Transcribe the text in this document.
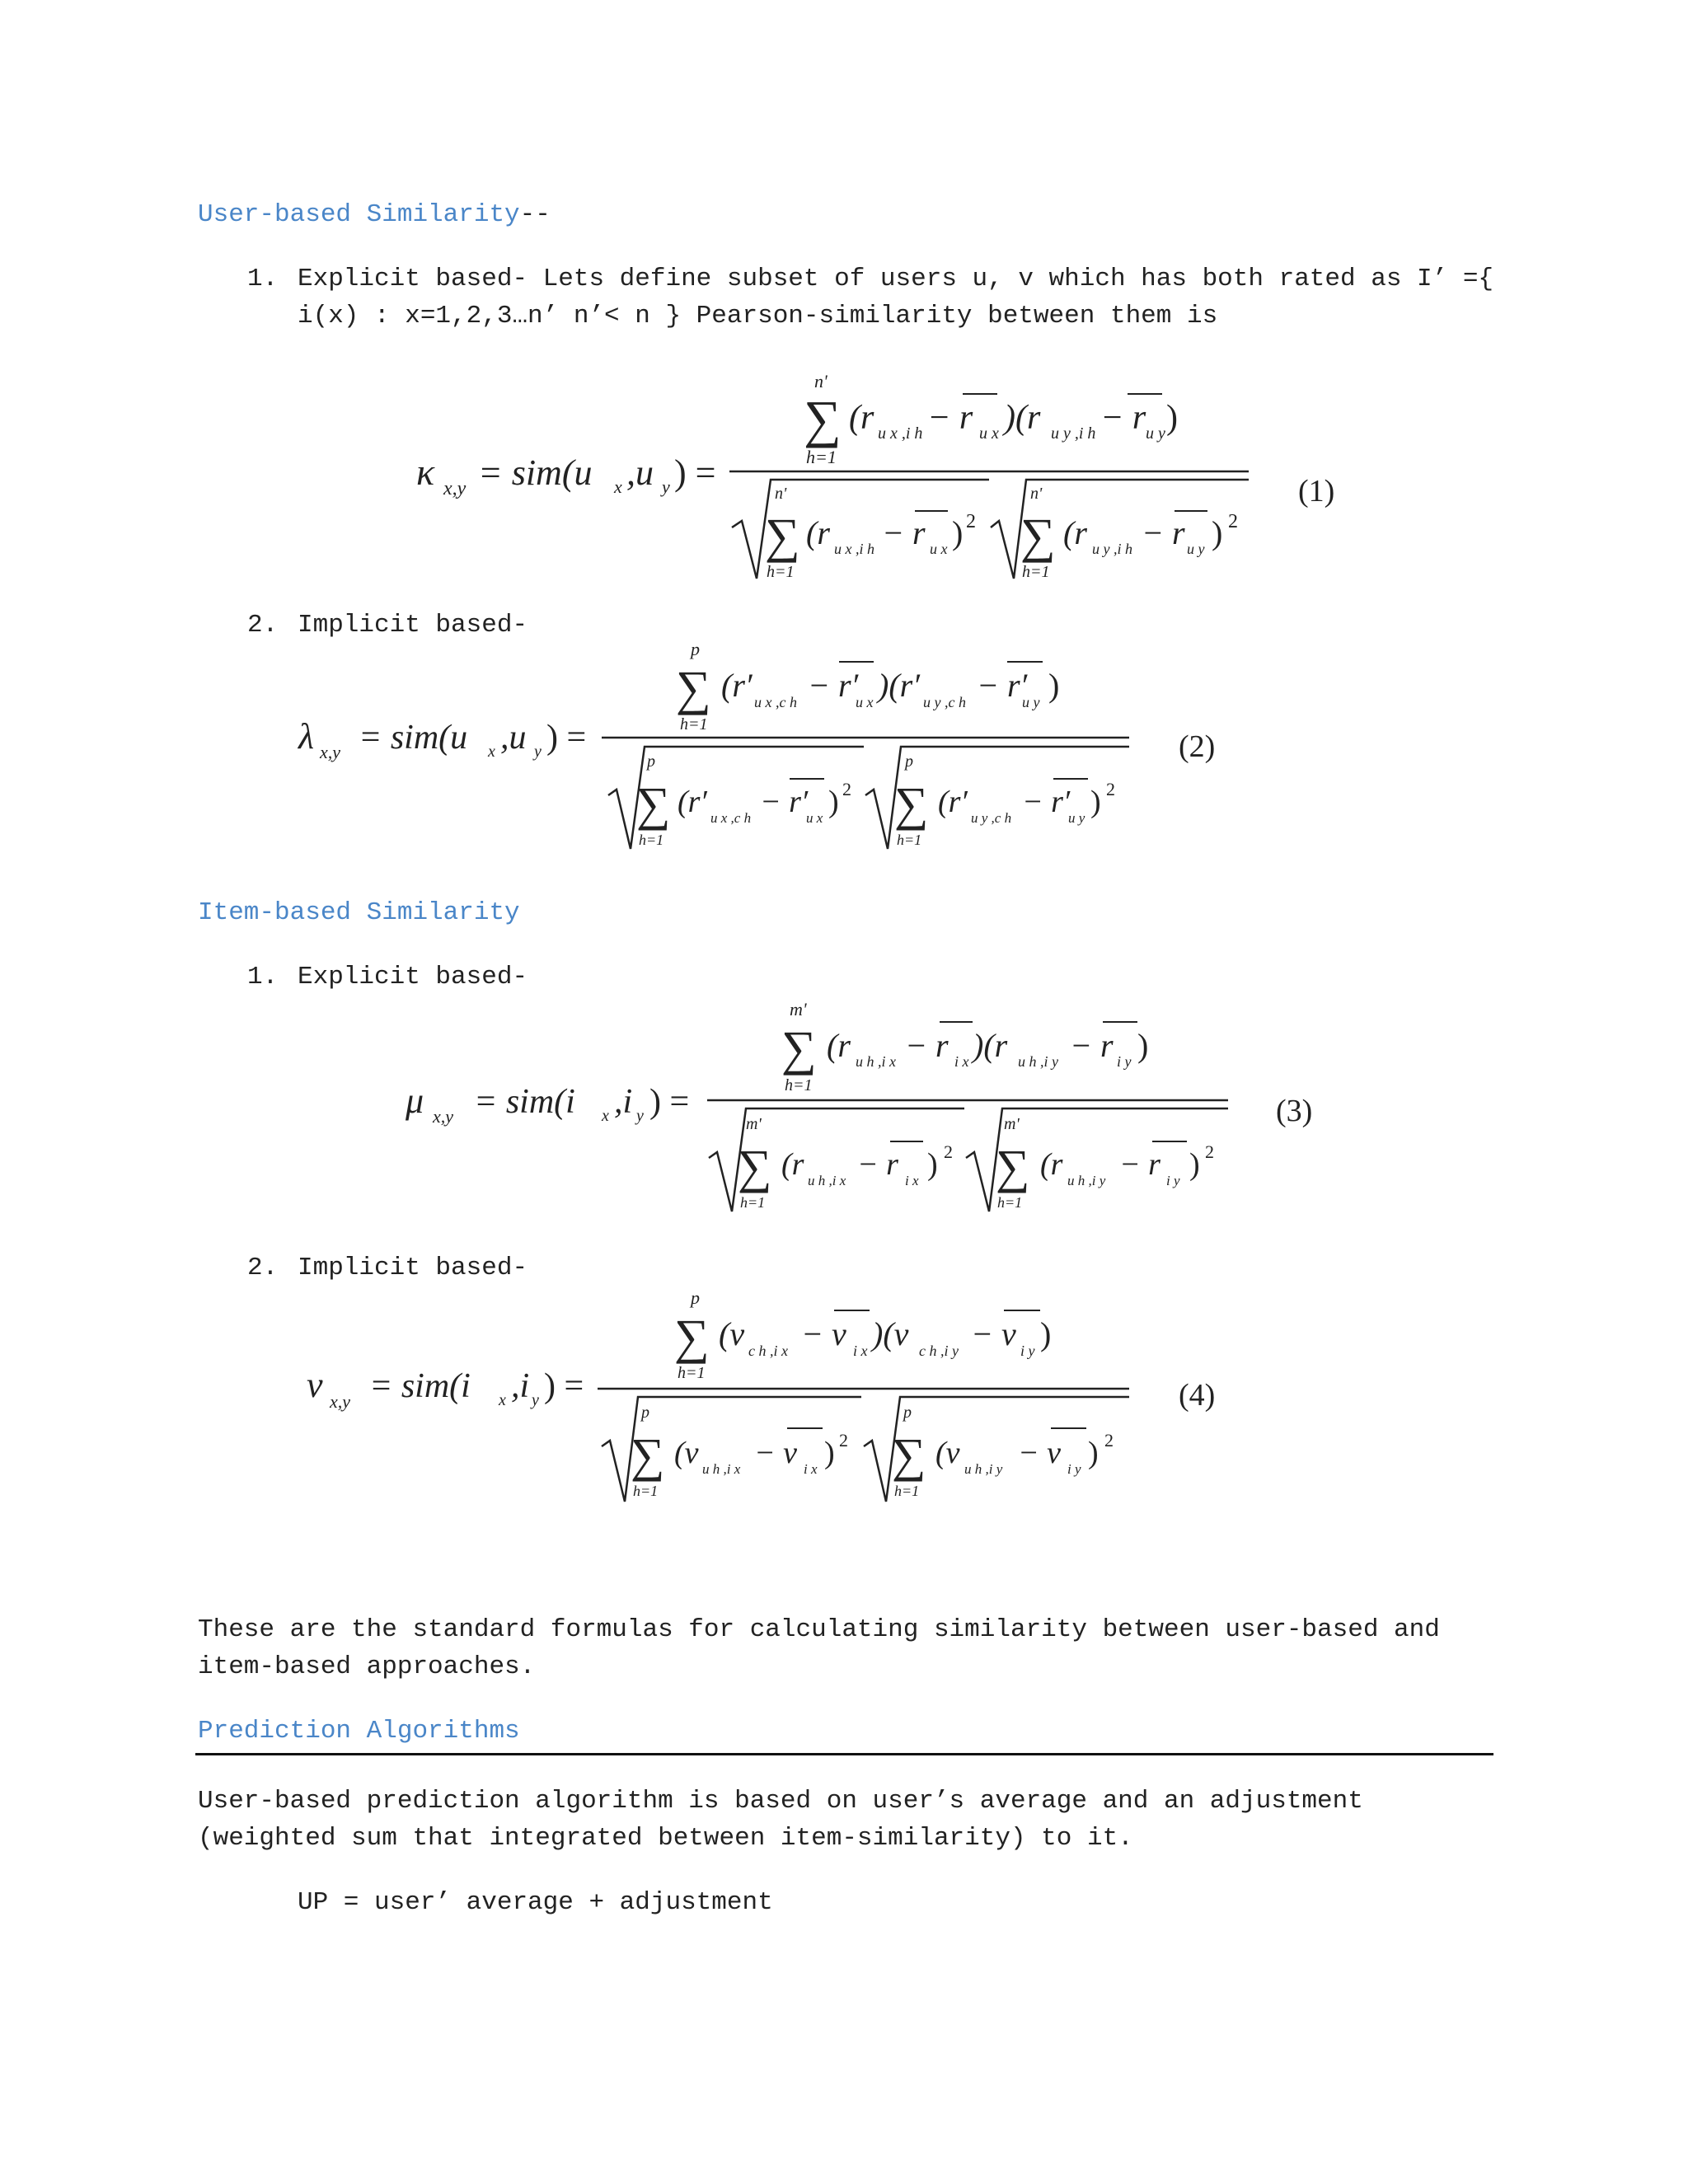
User-based Similarity--
1. Explicit based- Lets define subset of users u, v which has both rated as I’ ={
i(x) : x=1,2,3…n’ n’< n } Pearson-similarity between them is
κ x,y = sim(u x ,u y ) =
n'
∑
h=1
(r u x ,i h − r u x )(r u y ,i h − r u y )
n'
∑
h=1
(r u x ,i h − r u x ) 2
n'
∑
h=1
(r u y ,i h − r u y ) 2
(1)
2. Implicit based-
λ x,y = sim(u x ,u y ) =
p
∑
h=1
(r′ u x ,c h − r′
u x )(r′ u y ,c h − r′
u y )
p
∑
h=1
(r′ u x ,c h − r′
u x ) 2
p
∑
h=1
(r′ u y ,c h − r′
u y ) 2
(2)
Item-based Similarity
1. Explicit based-
μ x,y = sim(i x ,i y ) =
m'
∑
h=1
(r u h ,i x − r i x )(r u h ,i y − r i y )
m'
∑
h=1
(r u h ,i x − r i x ) 2
m'
∑
h=1
(r u h ,i y − r i y ) 2
(3)
2. Implicit based-
ν x,y = sim(i x ,i y ) =
p
∑
h=1
(v c h ,i x − v i x )(v c h ,i y − v i y )
p
∑
h=1
(v u h ,i x − v i x ) 2
p
∑
h=1
(v u h ,i y − v i y ) 2
(4)
These are the standard formulas for calculating similarity between user-based and
item-based approaches.
Prediction Algorithms
User-based prediction algorithm is based on user’s average and an adjustment
(weighted sum that integrated between item-similarity) to it.
UP = user’ average + adjustment
